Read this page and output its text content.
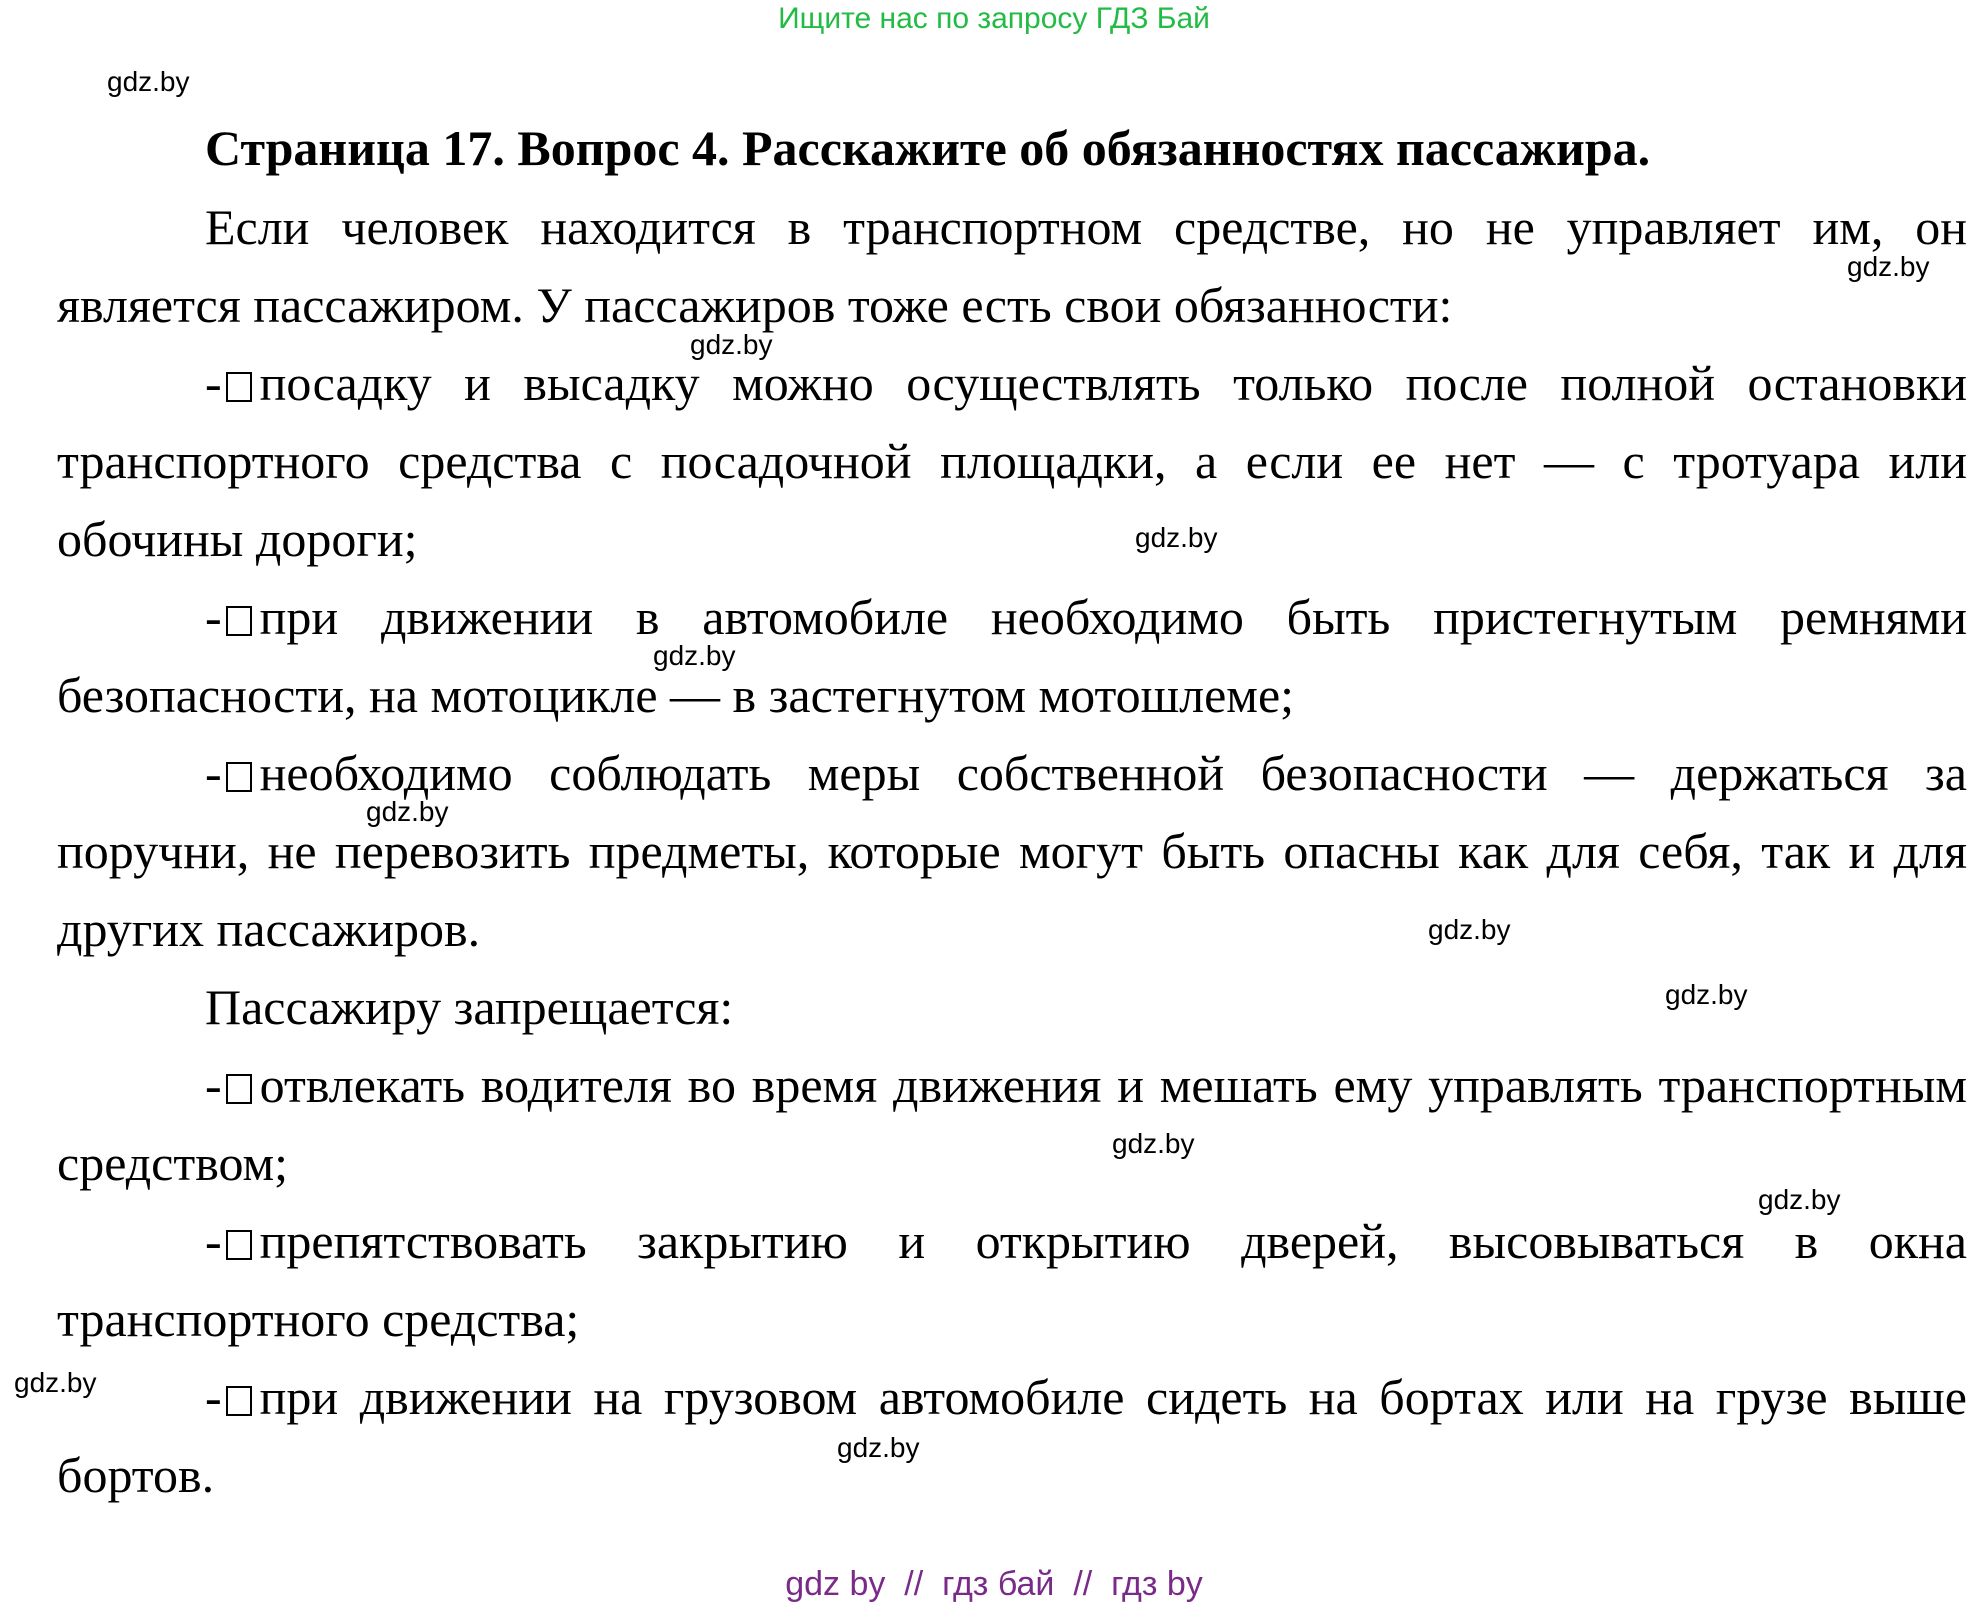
Ищите нас по запросу ГДЗ Бай
gdz.by
Страница 17. Вопрос 4. Расскажите об обязанностях пассажира.

Если человек находится в транспортном средстве, но не управляет им, он является пассажиром. У пассажиров тоже есть свои обязанности:

- посадку и высадку можно осуществлять только после полной остановки транспортного средства с посадочной площадки, а если ее нет — с тротуара или обочины дороги;

- при движении в автомобиле необходимо быть пристегнутым ремнями безопасности, на мотоцикле — в застегнутом мотошлеме;

- необходимо соблюдать меры собственной безопасности — держаться за поручни, не перевозить предметы, которые могут быть опасны как для себя, так и для других пассажиров.

Пассажиру запрещается:

- отвлекать водителя во время движения и мешать ему управлять транспортным средством;

- препятствовать закрытию и открытию дверей, высовываться в окна транспортного средства;

- при движении на грузовом автомобиле сидеть на бортах или на грузе выше бортов.

gdz.by
gdz.by
gdz.by
gdz.by
gdz.by
gdz.by
gdz.by
gdz.by
gdz.by
gdz.by
gdz.by
gdz by  //  гдз бай  //  гдз by
